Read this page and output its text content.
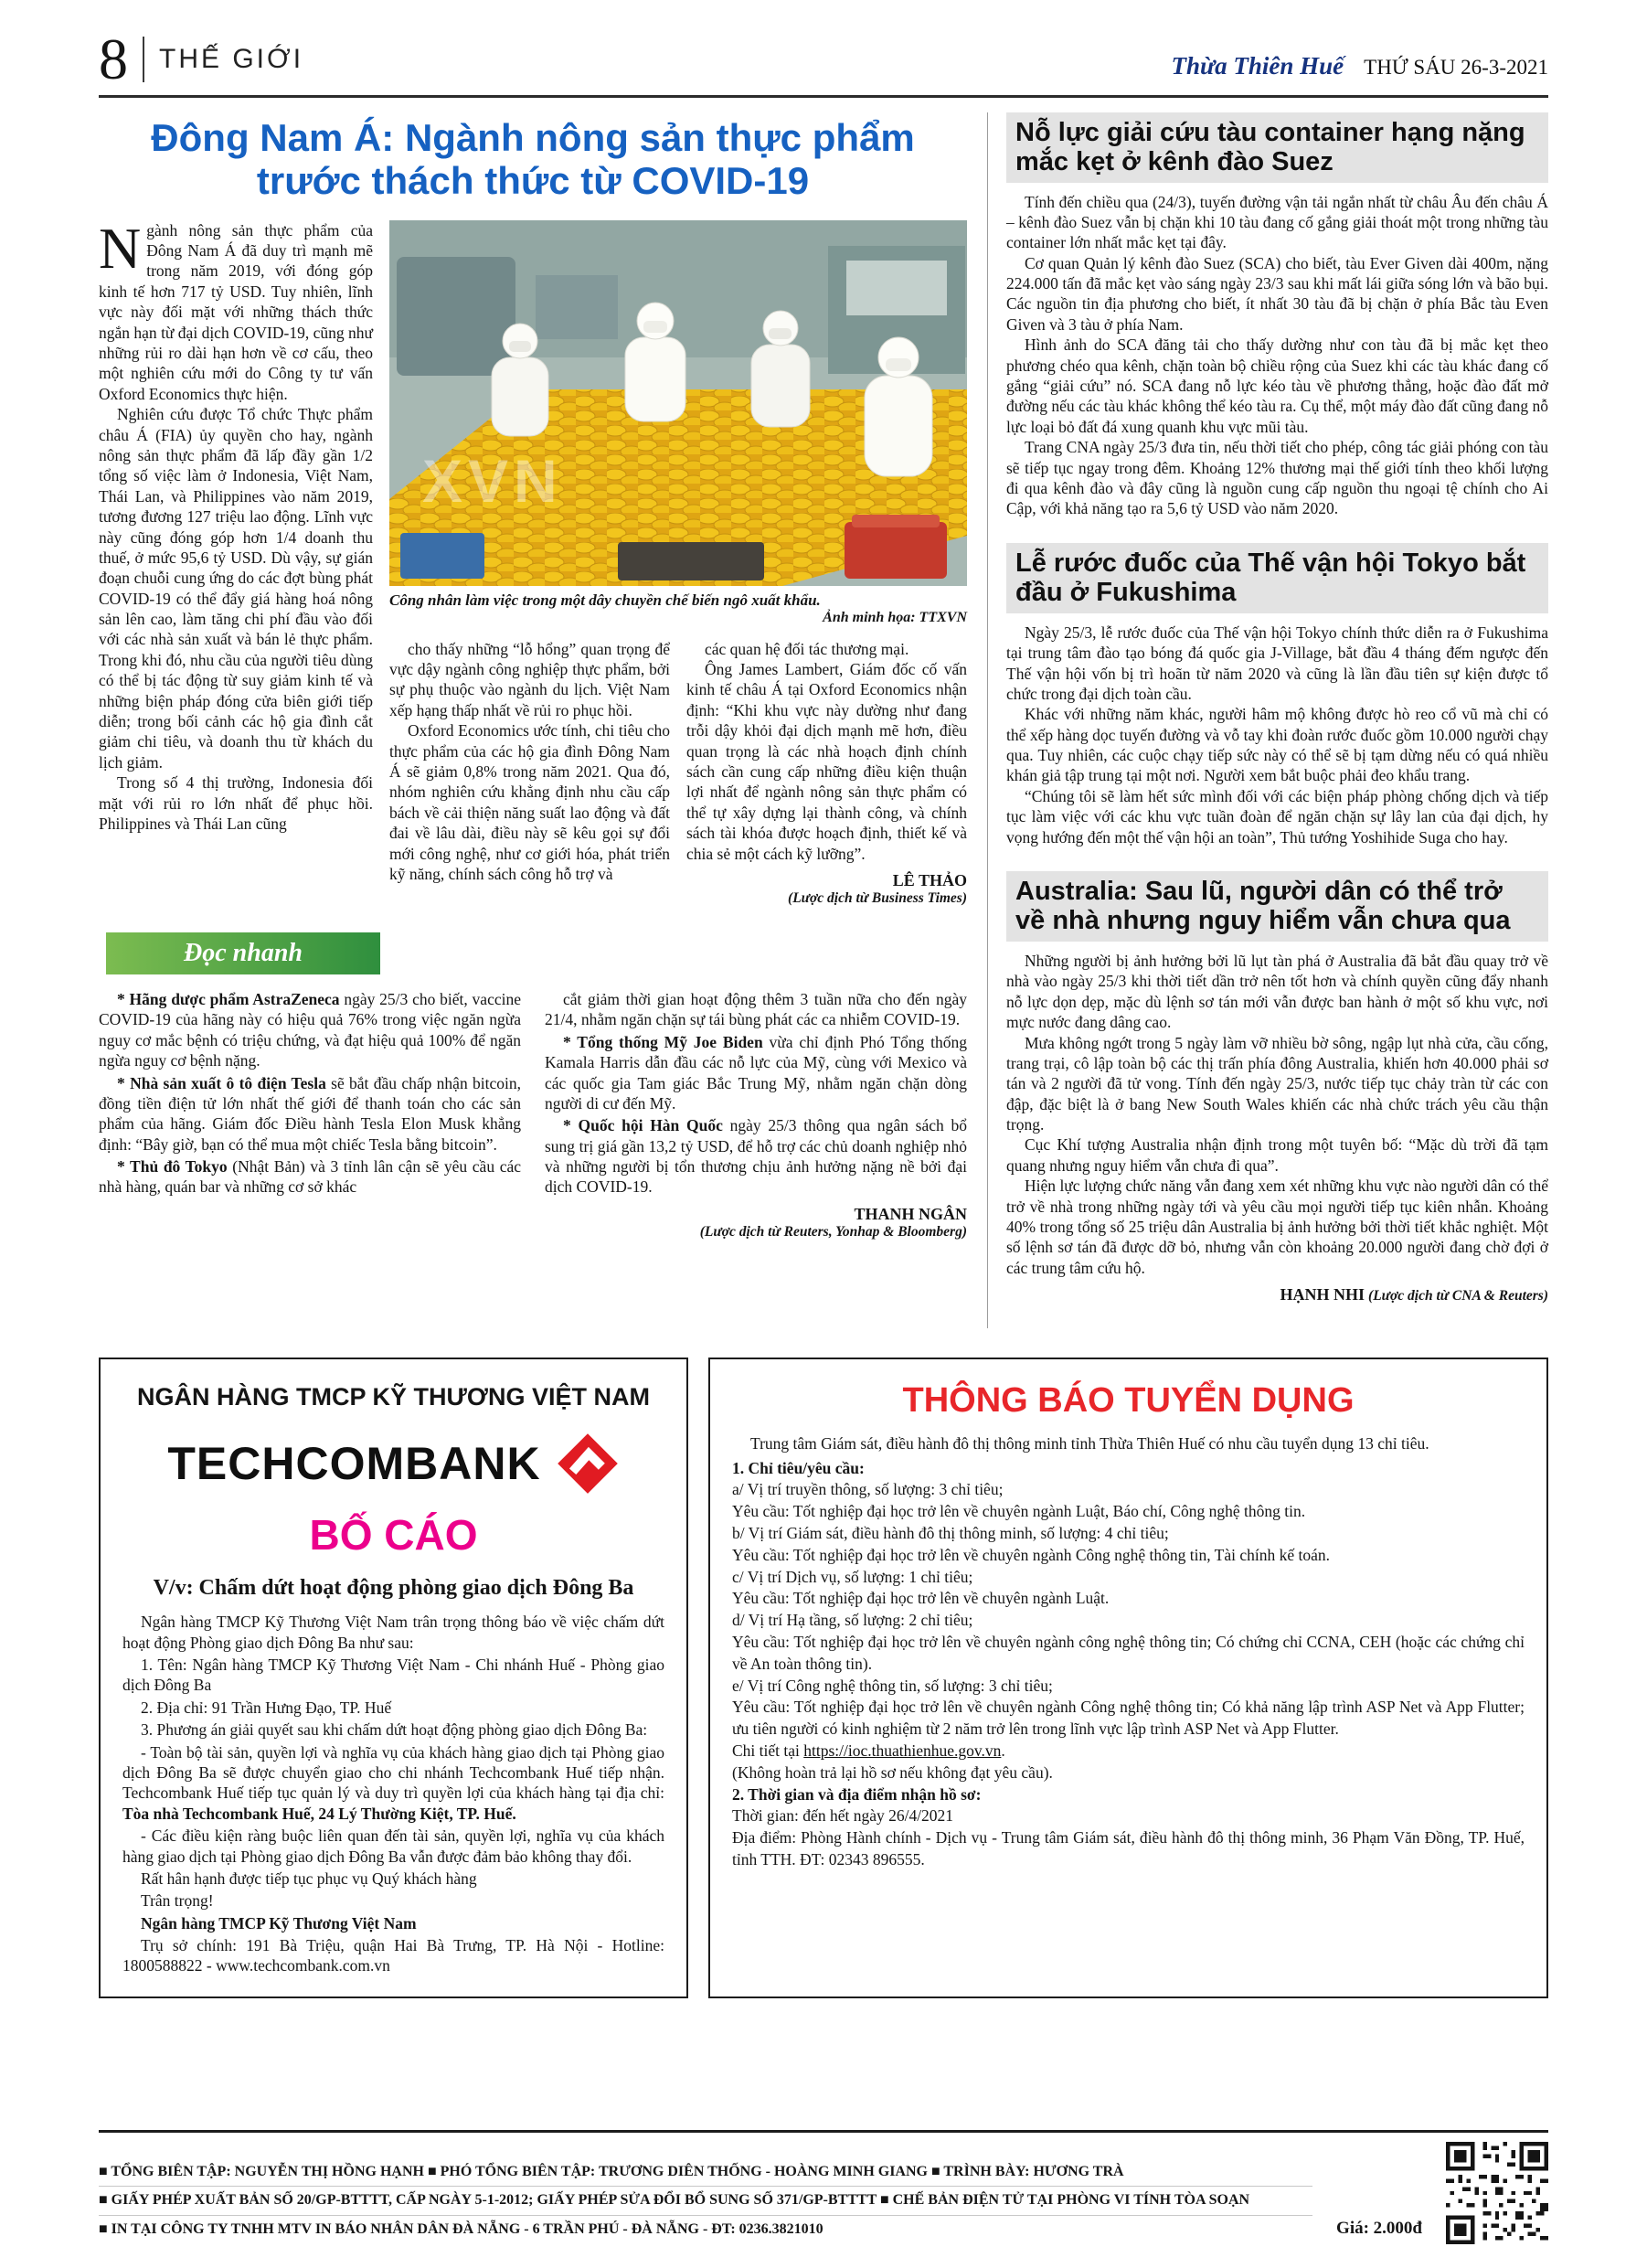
8 THẾ GIỚI	Thừa Thiên Huế THỨ SÁU 26-3-2021
Đông Nam Á: Ngành nông sản thực phẩm
trước thách thức từ COVID-19

Ngành nông sản thực phẩm của Đông Nam Á đã duy trì mạnh mẽ trong năm 2019, với đóng góp kinh tế hơn 717 tỷ USD. Tuy nhiên, lĩnh vực này đối mặt với những thách thức ngắn hạn từ đại dịch COVID-19, cũng như những rủi ro dài hạn hơn về cơ cấu, theo một nghiên cứu mới do Công ty tư vấn Oxford Economics thực hiện.

Nghiên cứu được Tổ chức Thực phẩm châu Á (FIA) ủy quyền cho hay, ngành nông sản thực phẩm đã lấp đầy gần 1/2 tổng số việc làm ở Indonesia, Việt Nam, Thái Lan, và Philippines vào năm 2019, tương đương 127 triệu lao động. Lĩnh vực này cũng đóng góp hơn 1/4 doanh thu thuế, ở mức 95,6 tỷ USD. Dù vậy, sự gián đoạn chuỗi cung ứng do các đợt bùng phát COVID-19 có thể đẩy giá hàng hoá nông sản lên cao, làm tăng chi phí đầu vào đối với các nhà sản xuất và bán lẻ thực phẩm. Trong khi đó, nhu cầu của người tiêu dùng có thể bị tác động từ suy giảm kinh tế và những biện pháp đóng cửa biên giới tiếp diễn; trong bối cảnh các hộ gia đình cắt giảm chi tiêu, và doanh thu từ khách du lịch giảm.

Trong số 4 thị trường, Indonesia đối mặt với rủi ro lớn nhất để phục hồi. Philippines và Thái Lan cũng

XVN
Công nhân làm việc trong một dây chuyền chế biến ngô xuất khẩu.
Ảnh minh họa: TTXVN

cho thấy những “lỗ hổng” quan trọng để vực dậy ngành công nghiệp thực phẩm, bởi sự phụ thuộc vào ngành du lịch. Việt Nam xếp hạng thấp nhất về rủi ro phục hồi.

Oxford Economics ước tính, chi tiêu cho thực phẩm của các hộ gia đình Đông Nam Á sẽ giảm 0,8% trong năm 2021. Qua đó, nhóm nghiên cứu khẳng định nhu cầu cấp bách về cải thiện năng suất lao động và đất đai về lâu dài, điều này sẽ kêu gọi sự đổi mới công nghệ, như cơ giới hóa, phát triển kỹ năng, chính sách công hỗ trợ và

các quan hệ đối tác thương mại.

Ông James Lambert, Giám đốc cố vấn kinh tế châu Á tại Oxford Economics nhận định: “Khi khu vực này dường như đang trỗi dậy khỏi đại dịch mạnh mẽ hơn, điều quan trọng là các nhà hoạch định chính sách cần cung cấp những điều kiện thuận lợi nhất để ngành nông sản thực phẩm có thể tự xây dựng lại thành công, và chính sách tài khóa được hoạch định, thiết kế và chia sẻ một cách kỹ lưỡng”.

LÊ THẢO

(Lược dịch từ Business Times)

Đọc nhanh

* Hãng dược phẩm AstraZeneca ngày 25/3 cho biết, vaccine COVID-19 của hãng này có hiệu quả 76% trong việc ngăn ngừa nguy cơ mắc bệnh có triệu chứng, và đạt hiệu quả 100% để ngăn ngừa nguy cơ bệnh nặng.

* Nhà sản xuất ô tô điện Tesla sẽ bắt đầu chấp nhận bitcoin, đồng tiền điện tử lớn nhất thế giới để thanh toán cho các sản phẩm của hãng. Giám đốc Điều hành Tesla Elon Musk khẳng định: “Bây giờ, bạn có thể mua một chiếc Tesla bằng bitcoin”.

* Thủ đô Tokyo (Nhật Bản) và 3 tỉnh lân cận sẽ yêu cầu các nhà hàng, quán bar và những cơ sở khác

cắt giảm thời gian hoạt động thêm 3 tuần nữa cho đến ngày 21/4, nhằm ngăn chặn sự tái bùng phát các ca nhiễm COVID-19.

* Tổng thống Mỹ Joe Biden vừa chỉ định Phó Tổng thống Kamala Harris dẫn đầu các nỗ lực của Mỹ, cùng với Mexico và các quốc gia Tam giác Bắc Trung Mỹ, nhằm ngăn chặn dòng người di cư đến Mỹ.

* Quốc hội Hàn Quốc ngày 25/3 thông qua ngân sách bổ sung trị giá gần 13,2 tỷ USD, để hỗ trợ các chủ doanh nghiệp nhỏ và những người bị tổn thương chịu ảnh hưởng nặng nề bởi đại dịch COVID-19.

THANH NGÂN

(Lược dịch từ Reuters, Yonhap & Bloomberg)

Nỗ lực giải cứu tàu container hạng nặng mắc kẹt ở kênh đào Suez

Tính đến chiều qua (24/3), tuyến đường vận tải ngắn nhất từ châu Âu đến châu Á – kênh đào Suez vẫn bị chặn khi 10 tàu đang cố gắng giải thoát một trong những tàu container lớn nhất mắc kẹt tại đây.

Cơ quan Quản lý kênh đào Suez (SCA) cho biết, tàu Ever Given dài 400m, nặng 224.000 tấn đã mắc kẹt vào sáng ngày 23/3 sau khi mất lái giữa sóng lớn và bão bụi. Các nguồn tin địa phương cho biết, ít nhất 30 tàu đã bị chặn ở phía Bắc tàu Even Given và 3 tàu ở phía Nam.

Hình ảnh do SCA đăng tải cho thấy dường như con tàu đã bị mắc kẹt theo phương chéo qua kênh, chặn toàn bộ chiều rộng của Suez khi các tàu khác đang cố gắng “giải cứu” nó. SCA đang nỗ lực kéo tàu về phương thẳng, hoặc đào đất mở đường nếu các tàu khác không thể kéo tàu ra. Cụ thể, một máy đào đất cũng đang nỗ lực loại bỏ đất đá xung quanh khu vực mũi tàu.

Trang CNA ngày 25/3 đưa tin, nếu thời tiết cho phép, công tác giải phóng con tàu sẽ tiếp tục ngay trong đêm. Khoảng 12% thương mại thế giới tính theo khối lượng đi qua kênh đào và đây cũng là nguồn cung cấp nguồn thu ngoại tệ chính cho Ai Cập, với khả năng tạo ra 5,6 tỷ USD vào năm 2020.

Lễ rước đuốc của Thế vận hội Tokyo bắt đầu ở Fukushima

Ngày 25/3, lễ rước đuốc của Thế vận hội Tokyo chính thức diễn ra ở Fukushima tại trung tâm đào tạo bóng đá quốc gia J-Village, bắt đầu 4 tháng đếm ngược đến Thế vận hội vốn bị trì hoãn từ năm 2020 và cũng là lần đầu tiên sự kiện được tổ chức trong đại dịch toàn cầu.

Khác với những năm khác, người hâm mộ không được hò reo cổ vũ mà chỉ có thể xếp hàng dọc tuyến đường và vỗ tay khi đoàn rước đuốc gồm 10.000 người chạy qua. Tuy nhiên, các cuộc chạy tiếp sức này có thể sẽ bị tạm dừng nếu có quá nhiều khán giả tập trung tại một nơi. Người xem bắt buộc phải đeo khẩu trang.

“Chúng tôi sẽ làm hết sức mình đối với các biện pháp phòng chống dịch và tiếp tục làm việc với các khu vực tuần đoàn để ngăn chặn sự lây lan của đại dịch, hy vọng hướng đến một thế vận hội an toàn”, Thủ tướng Yoshihide Suga cho hay.

Australia: Sau lũ, người dân có thể trở về nhà nhưng nguy hiểm vẫn chưa qua

Những người bị ảnh hưởng bởi lũ lụt tàn phá ở Australia đã bắt đầu quay trở về nhà vào ngày 25/3 khi thời tiết dần trở nên tốt hơn và chính quyền cũng đẩy nhanh nỗ lực dọn dẹp, mặc dù lệnh sơ tán mới vẫn được ban hành ở một số khu vực, nơi mực nước đang dâng cao.

Mưa không ngớt trong 5 ngày làm vỡ nhiều bờ sông, ngập lụt nhà cửa, cầu cống, trang trại, cô lập toàn bộ các thị trấn phía đông Australia, khiến hơn 40.000 phải sơ tán và 2 người đã tử vong. Tính đến ngày 25/3, nước tiếp tục chảy tràn từ các con đập, đặc biệt là ở bang New South Wales khiến các nhà chức trách yêu cầu thận trọng.

Cục Khí tượng Australia nhận định trong một tuyên bố: “Mặc dù trời đã tạm quang nhưng nguy hiểm vẫn chưa đi qua”.

Hiện lực lượng chức năng vẫn đang xem xét những khu vực nào người dân có thể trở về nhà trong những ngày tới và yêu cầu mọi người tiếp tục kiên nhẫn. Khoảng 40% trong tổng số 25 triệu dân Australia bị ảnh hưởng bởi thời tiết khắc nghiệt. Một số lệnh sơ tán đã được dỡ bỏ, nhưng vẫn còn khoảng 20.000 người đang chờ đợi ở các trung tâm cứu hộ.

HẠNH NHI (Lược dịch từ CNA & Reuters)

NGÂN HÀNG TMCP KỸ THƯƠNG VIỆT NAM

TECHCOMBANK

BỐ CÁO

V/v: Chấm dứt hoạt động phòng giao dịch Đông Ba

Ngân hàng TMCP Kỹ Thương Việt Nam trân trọng thông báo về việc chấm dứt hoạt động Phòng giao dịch Đông Ba như sau:

1. Tên: Ngân hàng TMCP Kỹ Thương Việt Nam - Chi nhánh Huế - Phòng giao dịch Đông Ba

2. Địa chỉ: 91 Trần Hưng Đạo, TP. Huế

3. Phương án giải quyết sau khi chấm dứt hoạt động phòng giao dịch Đông Ba:

- Toàn bộ tài sản, quyền lợi và nghĩa vụ của khách hàng giao dịch tại Phòng giao dịch Đông Ba sẽ được chuyển giao cho chi nhánh Techcombank Huế tiếp nhận. Techcombank Huế tiếp tục quản lý và duy trì quyền lợi của khách hàng tại địa chỉ: Tòa nhà Techcombank Huế, 24 Lý Thường Kiệt, TP. Huế.

- Các điều kiện ràng buộc liên quan đến tài sản, quyền lợi, nghĩa vụ của khách hàng giao dịch tại Phòng giao dịch Đông Ba vẫn được đảm bảo không thay đổi.

Rất hân hạnh được tiếp tục phục vụ Quý khách hàng

Trân trọng!

Ngân hàng TMCP Kỹ Thương Việt Nam

Trụ sở chính: 191 Bà Triệu, quận Hai Bà Trưng, TP. Hà Nội - Hotline: 1800588822 - www.techcombank.com.vn

THÔNG BÁO TUYỂN DỤNG

Trung tâm Giám sát, điều hành đô thị thông minh tỉnh Thừa Thiên Huế có nhu cầu tuyển dụng 13 chỉ tiêu.

1. Chỉ tiêu/yêu cầu:

a/ Vị trí truyền thông, số lượng: 3 chỉ tiêu;

Yêu cầu: Tốt nghiệp đại học trở lên về chuyên ngành Luật, Báo chí, Công nghệ thông tin.

b/ Vị trí Giám sát, điều hành đô thị thông minh, số lượng: 4 chỉ tiêu;

Yêu cầu: Tốt nghiệp đại học trở lên về chuyên ngành Công nghệ thông tin, Tài chính kế toán.

c/ Vị trí Dịch vụ, số lượng: 1 chỉ tiêu;

Yêu cầu: Tốt nghiệp đại học trở lên về chuyên ngành Luật.

d/ Vị trí Hạ tầng, số lượng: 2 chỉ tiêu;

Yêu cầu: Tốt nghiệp đại học trở lên về chuyên ngành công nghệ thông tin; Có chứng chỉ CCNA, CEH (hoặc các chứng chỉ về An toàn thông tin).

e/ Vị trí Công nghệ thông tin, số lượng: 3 chỉ tiêu;

Yêu cầu: Tốt nghiệp đại học trở lên về chuyên ngành Công nghệ thông tin; Có khả năng lập trình ASP Net và App Flutter; ưu tiên người có kinh nghiệm từ 2 năm trở lên trong lĩnh vực lập trình ASP Net và App Flutter.

Chi tiết tại https://ioc.thuathienhue.gov.vn.

(Không hoàn trả lại hồ sơ nếu không đạt yêu cầu).

2. Thời gian và địa điểm nhận hồ sơ:

Thời gian: đến hết ngày 26/4/2021

Địa điểm: Phòng Hành chính - Dịch vụ - Trung tâm Giám sát, điều hành đô thị thông minh, 36 Phạm Văn Đồng, TP. Huế, tỉnh TTH. ĐT: 02343 896555.

■ TỔNG BIÊN TẬP: NGUYỄN THỊ HỒNG HẠNH ■ PHÓ TỔNG BIÊN TẬP: TRƯƠNG DIÊN THỐNG - HOÀNG MINH GIANG ■ TRÌNH BÀY: HƯƠNG TRÀ

■ GIẤY PHÉP XUẤT BẢN SỐ 20/GP-BTTTT, CẤP NGÀY 5-1-2012; GIẤY PHÉP SỬA ĐỔI BỔ SUNG SỐ 371/GP-BTTTT ■ CHẾ BẢN ĐIỆN TỬ TẠI PHÒNG VI TÍNH TÒA SOẠN

■ IN TẠI CÔNG TY TNHH MTV IN BÁO NHÂN DÂN ĐÀ NẴNG - 6 TRẦN PHÚ - ĐÀ NẴNG - ĐT: 0236.3821010	Giá: 2.000đ
